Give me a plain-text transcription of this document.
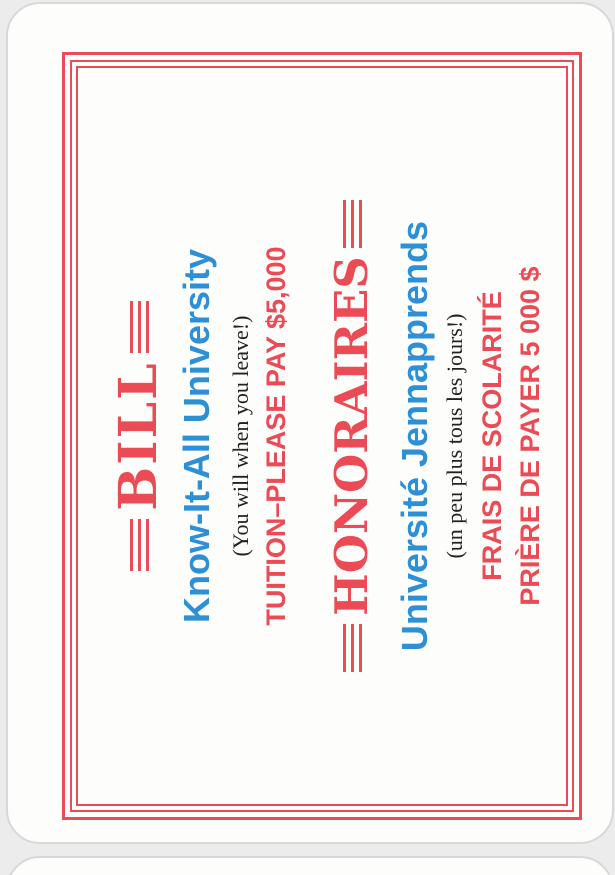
BILL Know-It-All University (You will when you leave!) TUITION–PLEASE PAY $5,000 HONORAIRES Université Jennapprends (un peu plus tous les jours!) FRAIS DE SCOLARITÉ PRIÈRE DE PAYER 5 000 $
